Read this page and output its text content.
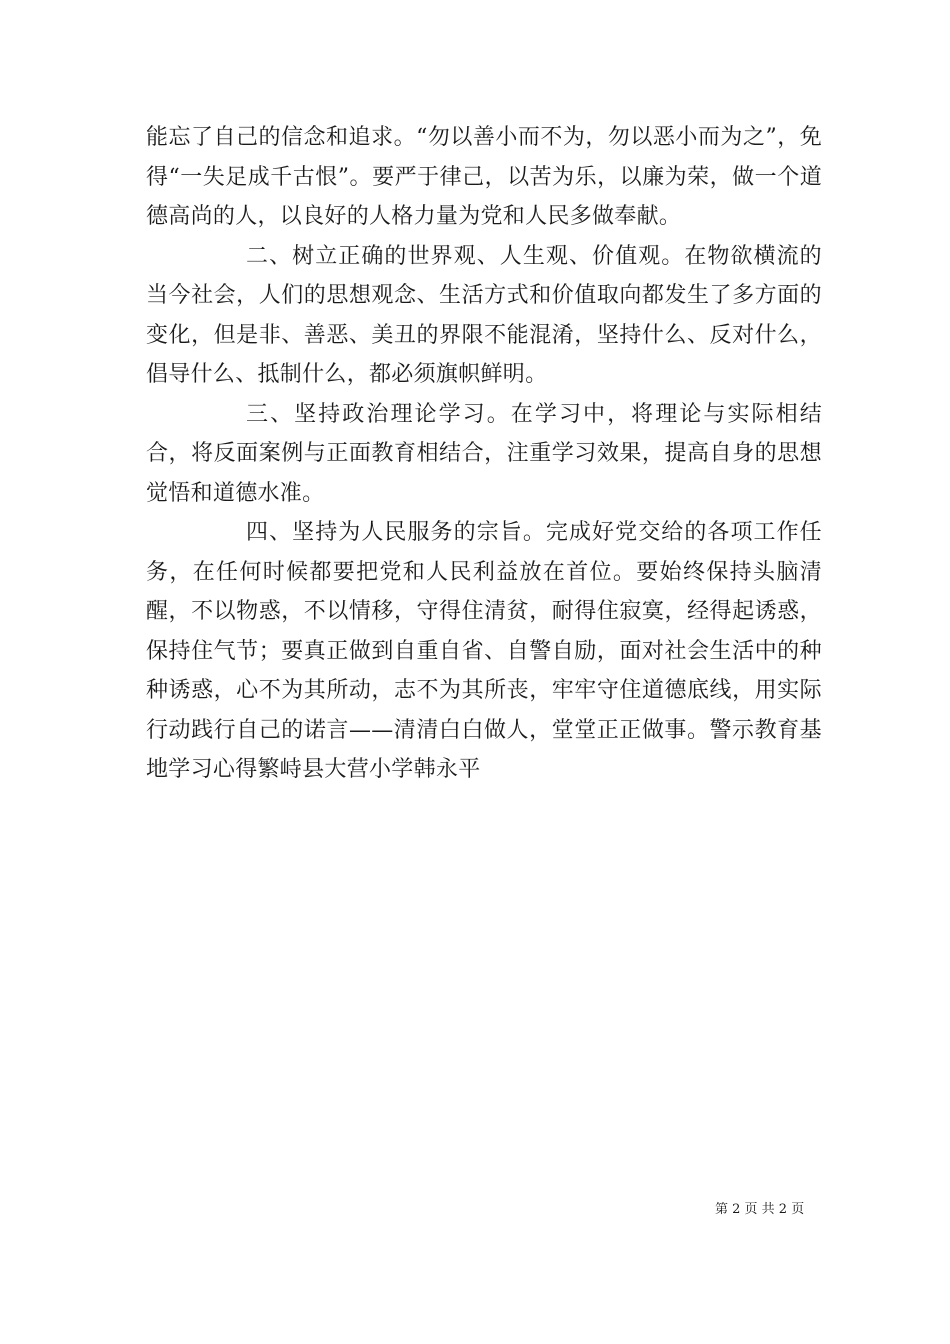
能忘了自己的信念和追求。“勿以善小而不为，勿以恶小而为之”，免得“一失足成千古恨”。要严于律己，以苦为乐，以廉为荣，做一个道德高尚的人，以良好的人格力量为党和人民多做奉献。

二、树立正确的世界观、人生观、价值观。在物欲横流的当今社会，人们的思想观念、生活方式和价值取向都发生了多方面的变化，但是非、善恶、美丑的界限不能混淆，坚持什么、反对什么，倡导什么、抵制什么，都必须旗帜鲜明。

三、坚持政治理论学习。在学习中，将理论与实际相结合，将反面案例与正面教育相结合，注重学习效果，提高自身的思想觉悟和道德水准。

四、坚持为人民服务的宗旨。完成好党交给的各项工作任务，在任何时候都要把党和人民利益放在首位。要始终保持头脑清醒，不以物惑，不以情移，守得住清贫，耐得住寂寞，经得起诱惑，保持住气节；要真正做到自重自省、自警自励，面对社会生活中的种种诱惑，心不为其所动，志不为其所丧，牢牢守住道德底线，用实际行动践行自己的诺言——清清白白做人，堂堂正正做事。警示教育基地学习心得繁峙县大营小学韩永平

第 2 页 共 2 页
